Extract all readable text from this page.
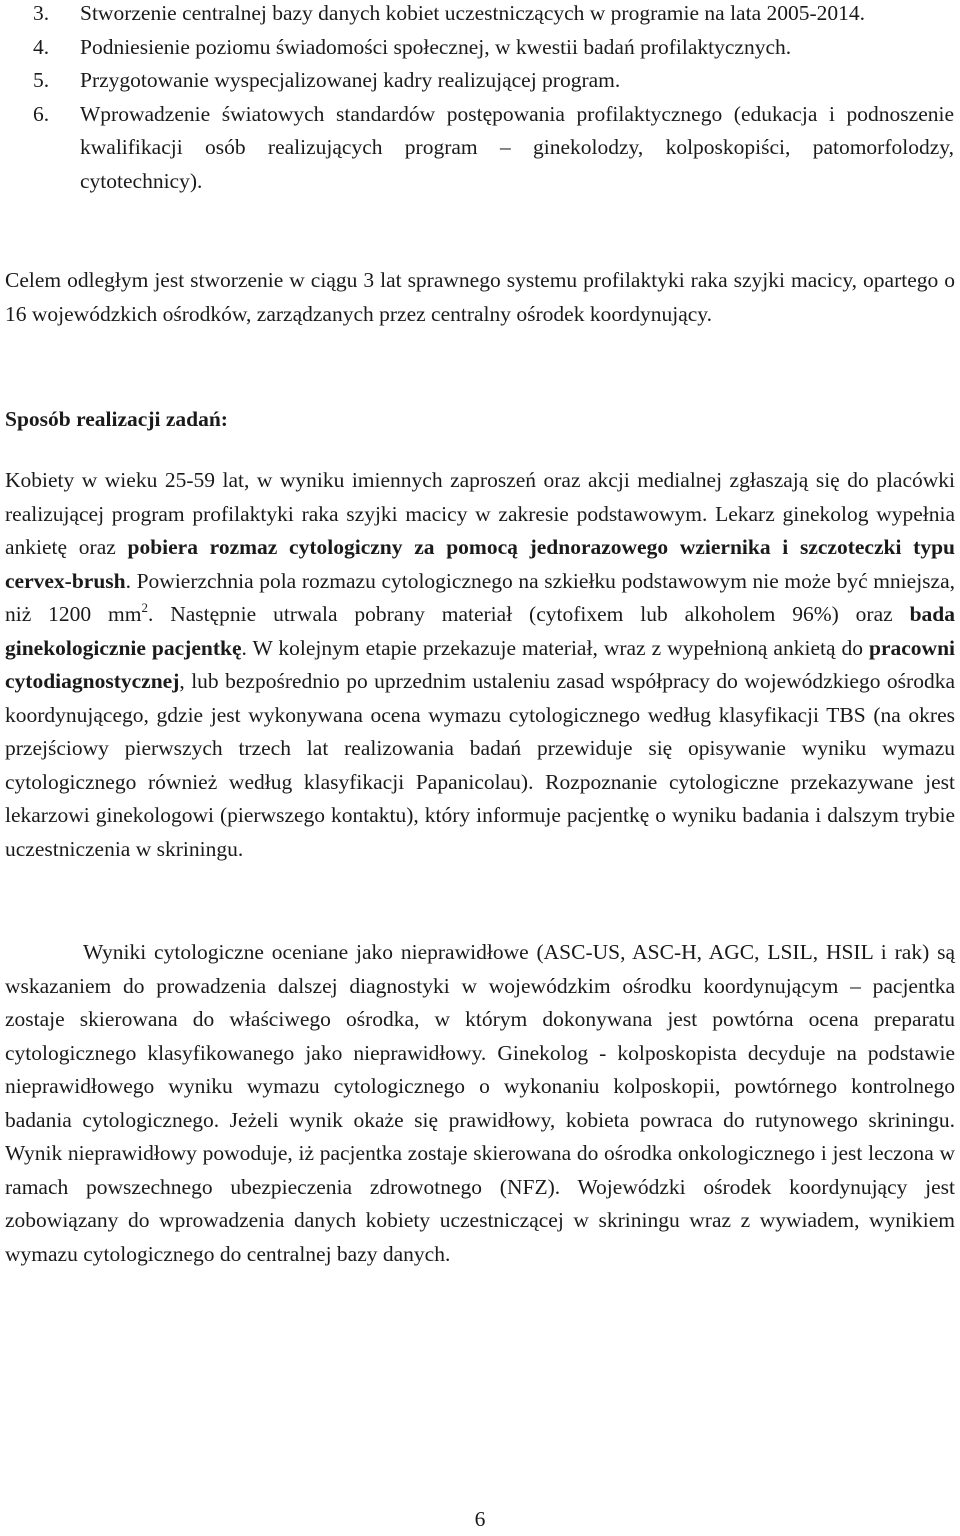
3. Stworzenie centralnej bazy danych kobiet uczestniczących w programie na lata 2005-2014.
4. Podniesienie poziomu świadomości społecznej, w kwestii badań profilaktycznych.
5. Przygotowanie wyspecjalizowanej kadry realizującej program.
6. Wprowadzenie światowych standardów postępowania profilaktycznego (edukacja i podnoszenie kwalifikacji osób realizujących program – ginekolodzy, kolposkopiści, patomorfolodzy, cytotechnicy).

Celem odległym jest stworzenie w ciągu 3 lat sprawnego systemu profilaktyki raka szyjki macicy, opartego o 16 wojewódzkich ośrodków, zarządzanych przez centralny ośrodek koordynujący.

Sposób realizacji zadań:

Kobiety w wieku 25-59 lat, w wyniku imiennych zaproszeń oraz akcji medialnej zgłaszają się do placówki realizującej program profilaktyki raka szyjki macicy w zakresie podstawowym. Lekarz ginekolog wypełnia ankietę oraz pobiera rozmaz cytologiczny za pomocą jednorazowego wziernika i szczoteczki typu cervex-brush. Powierzchnia pola rozmazu cytologicznego na szkiełku podstawowym nie może być mniejsza, niż 1200 $mm^2$. Następnie utrwala pobrany materiał (cytofixem lub alkoholem 96%) oraz bada ginekologicznie pacjentkę. W kolejnym etapie przekazuje materiał, wraz z wypełnioną ankietą do pracowni cytodiagnostycznej, lub bezpośrednio po uprzednim ustaleniu zasad współpracy do wojewódzkiego ośrodka koordynującego, gdzie jest wykonywana ocena wymazu cytologicznego według klasyfikacji TBS (na okres przejściowy pierwszych trzech lat realizowania badań przewiduje się opisywanie wyniku wymazu cytologicznego również według klasyfikacji Papanicolau). Rozpoznanie cytologiczne przekazywane jest lekarzowi ginekologowi (pierwszego kontaktu), który informuje pacjentkę o wyniku badania i dalszym trybie uczestniczenia w skriningu.

Wyniki cytologiczne oceniane jako nieprawidłowe (ASC-US, ASC-H, AGC, LSIL, HSIL i rak) są wskazaniem do prowadzenia dalszej diagnostyki w wojewódzkim ośrodku koordynującym – pacjentka zostaje skierowana do właściwego ośrodka, w którym dokonywana jest powtórna ocena preparatu cytologicznego klasyfikowanego jako nieprawidłowy. Ginekolog - kolposkopista decyduje na podstawie nieprawidłowego wyniku wymazu cytologicznego o wykonaniu kolposkopii, powtórnego kontrolnego badania cytologicznego. Jeżeli wynik okaże się prawidłowy, kobieta powraca do rutynowego skriningu. Wynik nieprawidłowy powoduje, iż pacjentka zostaje skierowana do ośrodka onkologicznego i jest leczona w ramach powszechnego ubezpieczenia zdrowotnego (NFZ). Wojewódzki ośrodek koordynujący jest zobowiązany do wprowadzenia danych kobiety uczestniczącej w skriningu wraz z wywiadem, wynikiem wymazu cytologicznego do centralnej bazy danych.

6
